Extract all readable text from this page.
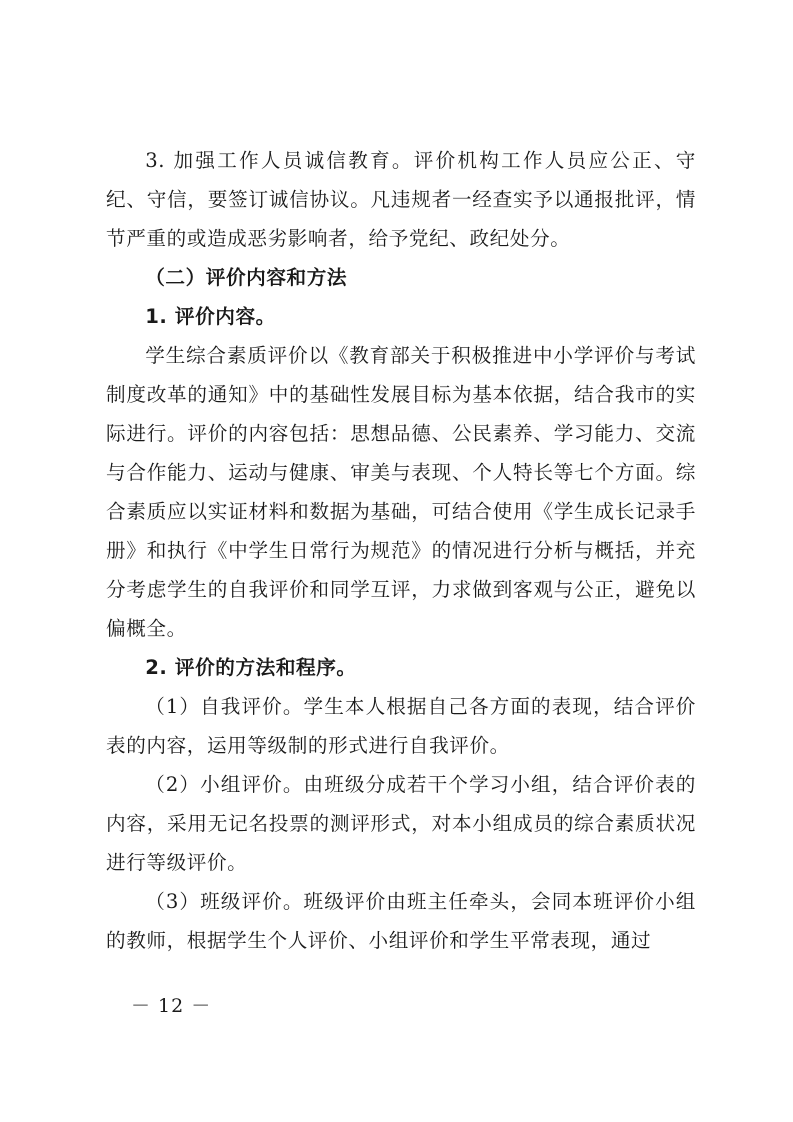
3. 加强工作人员诚信教育。评价机构工作人员应公正、守纪、守信，要签订诚信协议。凡违规者一经查实予以通报批评，情节严重的或造成恶劣影响者，给予党纪、政纪处分。

（二）评价内容和方法

1. 评价内容。

学生综合素质评价以《教育部关于积极推进中小学评价与考试制度改革的通知》中的基础性发展目标为基本依据，结合我市的实际进行。评价的内容包括：思想品德、公民素养、学习能力、交流与合作能力、运动与健康、审美与表现、个人特长等七个方面。综合素质应以实证材料和数据为基础，可结合使用《学生成长记录手册》和执行《中学生日常行为规范》的情况进行分析与概括，并充分考虑学生的自我评价和同学互评，力求做到客观与公正，避免以偏概全。

2. 评价的方法和程序。

（1）自我评价。学生本人根据自己各方面的表现，结合评价表的内容，运用等级制的形式进行自我评价。

（2）小组评价。由班级分成若干个学习小组，结合评价表的内容，采用无记名投票的测评形式，对本小组成员的综合素质状况进行等级评价。

（3）班级评价。班级评价由班主任牵头，会同本班评价小组的教师，根据学生个人评价、小组评价和学生平常表现，通过

－ 12 －
